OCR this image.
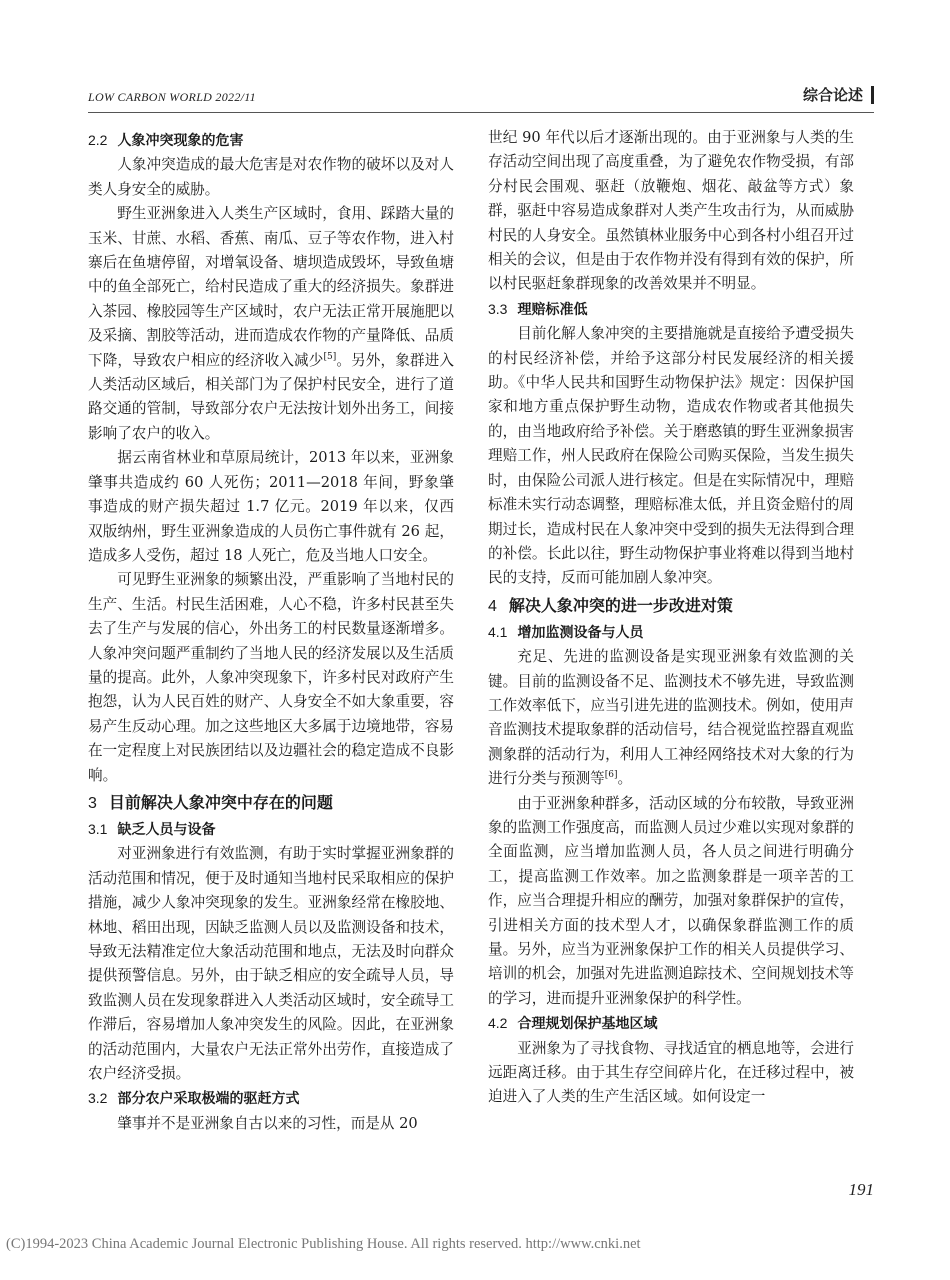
LOW CARBON WORLD 2022/11	综合论述
2.2 人象冲突现象的危害

人象冲突造成的最大危害是对农作物的破坏以及对人类人身安全的威胁。

野生亚洲象进入人类生产区域时，食用、踩踏大量的玉米、甘蔗、水稻、香蕉、南瓜、豆子等农作物，进入村寨后在鱼塘停留，对增氧设备、塘坝造成毁坏，导致鱼塘中的鱼全部死亡，给村民造成了重大的经济损失。象群进入茶园、橡胶园等生产区域时，农户无法正常开展施肥以及采摘、割胶等活动，进而造成农作物的产量降低、品质下降，导致农户相应的经济收入减少[5]。另外，象群进入人类活动区域后，相关部门为了保护村民安全，进行了道路交通的管制，导致部分农户无法按计划外出务工，间接影响了农户的收入。

据云南省林业和草原局统计，2013 年以来，亚洲象肇事共造成约 60 人死伤；2011—2018 年间，野象肇事造成的财产损失超过 1.7 亿元。2019 年以来，仅西双版纳州，野生亚洲象造成的人员伤亡事件就有 26 起，造成多人受伤，超过 18 人死亡，危及当地人口安全。

可见野生亚洲象的频繁出没，严重影响了当地村民的生产、生活。村民生活困难，人心不稳，许多村民甚至失去了生产与发展的信心，外出务工的村民数量逐渐增多。人象冲突问题严重制约了当地人民的经济发展以及生活质量的提高。此外，人象冲突现象下，许多村民对政府产生抱怨，认为人民百姓的财产、人身安全不如大象重要，容易产生反动心理。加之这些地区大多属于边境地带，容易在一定程度上对民族团结以及边疆社会的稳定造成不良影响。

3 目前解决人象冲突中存在的问题
3.1 缺乏人员与设备

对亚洲象进行有效监测，有助于实时掌握亚洲象群的活动范围和情况，便于及时通知当地村民采取相应的保护措施，减少人象冲突现象的发生。亚洲象经常在橡胶地、林地、稻田出现，因缺乏监测人员以及监测设备和技术，导致无法精准定位大象活动范围和地点，无法及时向群众提供预警信息。另外，由于缺乏相应的安全疏导人员，导致监测人员在发现象群进入人类活动区域时，安全疏导工作滞后，容易增加人象冲突发生的风险。因此，在亚洲象的活动范围内，大量农户无法正常外出劳作，直接造成了农户经济受损。

3.2 部分农户采取极端的驱赶方式

肇事并不是亚洲象自古以来的习性，而是从 20

世纪 90 年代以后才逐渐出现的。由于亚洲象与人类的生存活动空间出现了高度重叠，为了避免农作物受损，有部分村民会围观、驱赶（放鞭炮、烟花、敲盆等方式）象群，驱赶中容易造成象群对人类产生攻击行为，从而威胁村民的人身安全。虽然镇林业服务中心到各村小组召开过相关的会议，但是由于农作物并没有得到有效的保护，所以村民驱赶象群现象的改善效果并不明显。

3.3 理赔标准低

目前化解人象冲突的主要措施就是直接给予遭受损失的村民经济补偿，并给予这部分村民发展经济的相关援助。《中华人民共和国野生动物保护法》规定：因保护国家和地方重点保护野生动物，造成农作物或者其他损失的，由当地政府给予补偿。关于磨憨镇的野生亚洲象损害理赔工作，州人民政府在保险公司购买保险，当发生损失时，由保险公司派人进行核定。但是在实际情况中，理赔标准未实行动态调整，理赔标准太低，并且资金赔付的周期过长，造成村民在人象冲突中受到的损失无法得到合理的补偿。长此以往，野生动物保护事业将难以得到当地村民的支持，反而可能加剧人象冲突。

4 解决人象冲突的进一步改进对策
4.1 增加监测设备与人员

充足、先进的监测设备是实现亚洲象有效监测的关键。目前的监测设备不足、监测技术不够先进，导致监测工作效率低下，应当引进先进的监测技术。例如，使用声音监测技术提取象群的活动信号，结合视觉监控器直观监测象群的活动行为，利用人工神经网络技术对大象的行为进行分类与预测等[6]。

由于亚洲象种群多，活动区域的分布较散，导致亚洲象的监测工作强度高，而监测人员过少难以实现对象群的全面监测，应当增加监测人员，各人员之间进行明确分工，提高监测工作效率。加之监测象群是一项辛苦的工作，应当合理提升相应的酬劳，加强对象群保护的宣传，引进相关方面的技术型人才，以确保象群监测工作的质量。另外，应当为亚洲象保护工作的相关人员提供学习、培训的机会，加强对先进监测追踪技术、空间规划技术等的学习，进而提升亚洲象保护的科学性。

4.2 合理规划保护基地区域

亚洲象为了寻找食物、寻找适宜的栖息地等，会进行远距离迁移。由于其生存空间碎片化，在迁移过程中，被迫进入了人类的生产生活区域。如何设定一

191
(C)1994-2023 China Academic Journal Electronic Publishing House. All rights reserved. http://www.cnki.net
